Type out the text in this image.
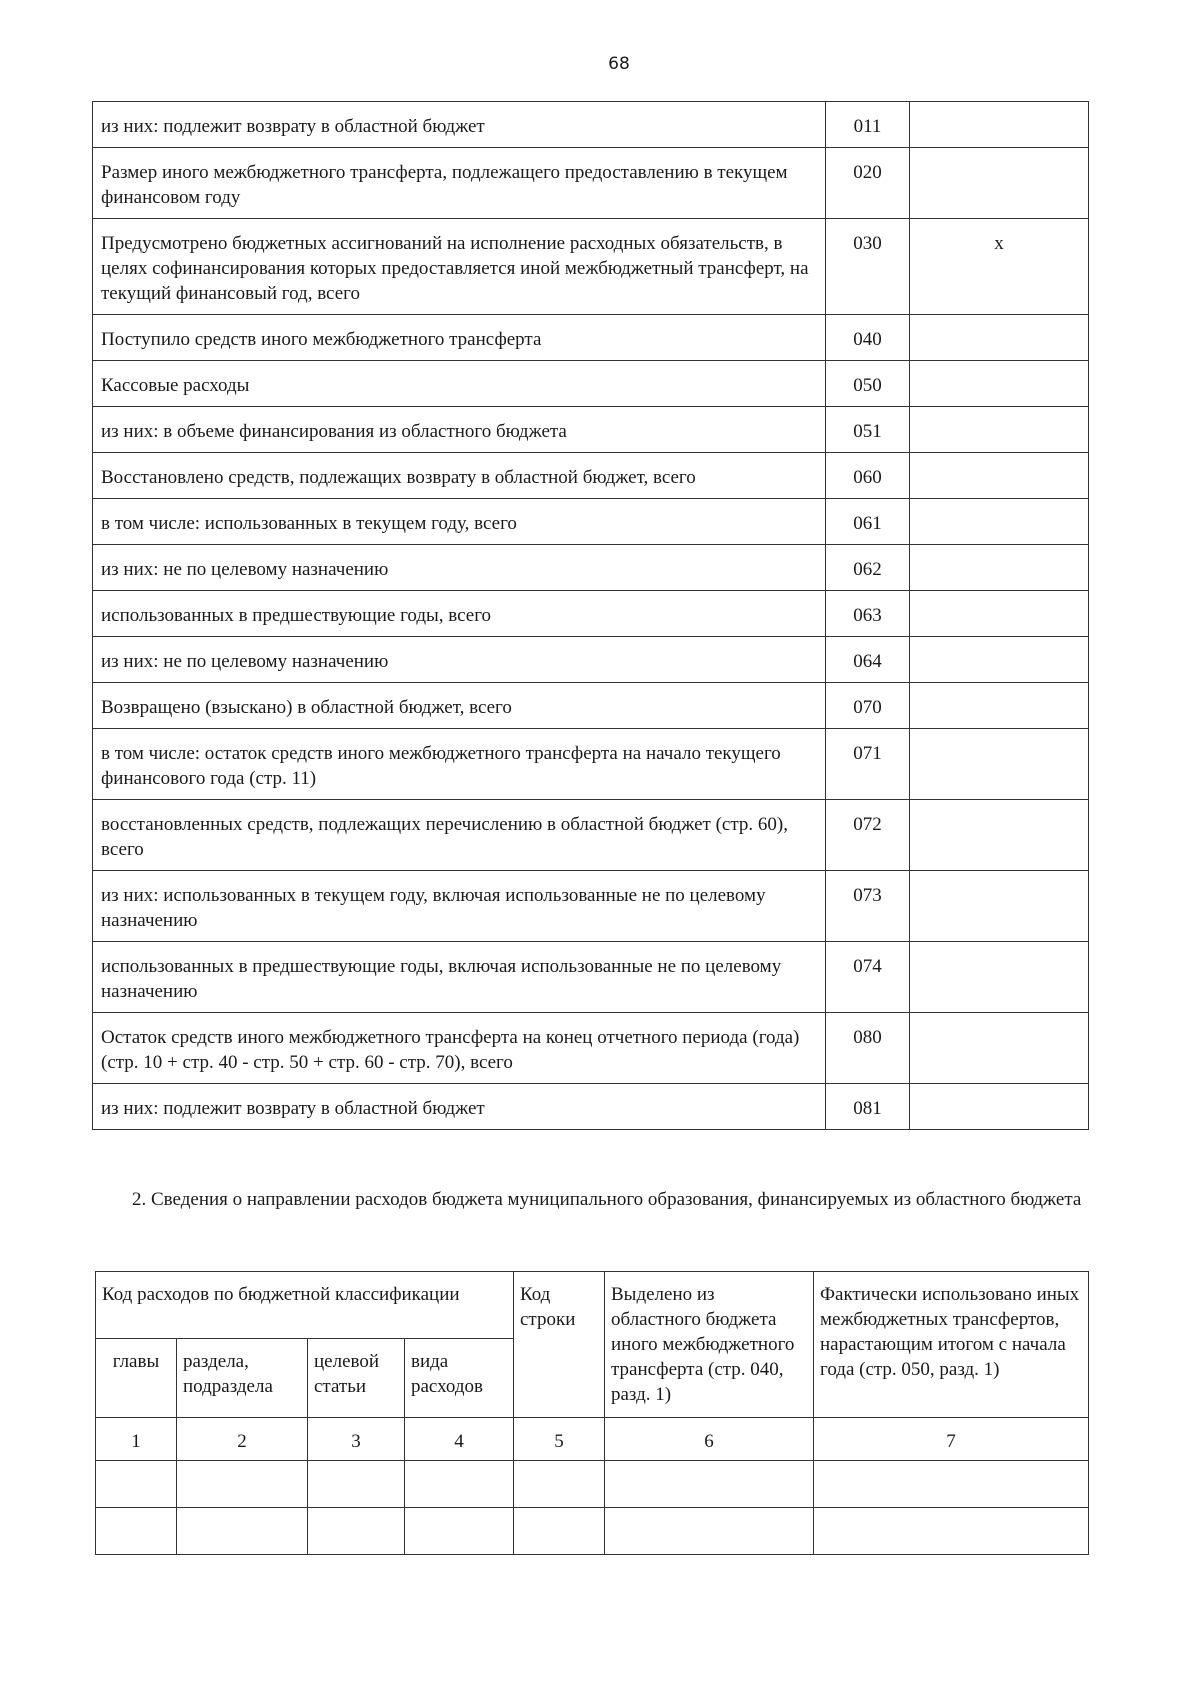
68
из них: подлежит возврату в областной бюджет	011	
Размер иного межбюджетного трансферта, подлежащего предоставлению в текущем финансовом году	020	
Предусмотрено бюджетных ассигнований на исполнение расходных обязательств, в целях софинансирования которых предоставляется иной межбюджетный трансферт, на текущий финансовый год, всего	030	x
Поступило средств иного межбюджетного трансферта	040	
Кассовые расходы	050	
из них: в объеме финансирования из областного бюджета	051	
Восстановлено средств, подлежащих возврату в областной бюджет, всего	060	
в том числе: использованных в текущем году, всего	061	
из них: не по целевому назначению	062	
использованных в предшествующие годы, всего	063	
из них: не по целевому назначению	064	
Возвращено (взыскано) в областной бюджет, всего	070	
в том числе: остаток средств иного межбюджетного трансферта на начало текущего финансового года (стр. 11)	071	
восстановленных средств, подлежащих перечислению в областной бюджет (стр. 60), всего	072	
из них: использованных в текущем году, включая использованные не по целевому назначению	073	
использованных в предшествующие годы, включая использованные не по целевому назначению	074	
Остаток средств иного межбюджетного трансферта на конец отчетного периода (года) (стр. 10 + стр. 40 - стр. 50 + стр. 60 - стр. 70), всего	080	
из них: подлежит возврату в областной бюджет	081	
2. Сведения о направлении расходов бюджета муниципального образования, финансируемых из областного бюджета
Код расходов по бюджетной классификации				Код строки	Выделено из областного бюджета иного межбюджетного трансферта (стр. 040, разд. 1)	Фактически использовано иных межбюджетных трансфертов, нарастающим итогом с начала года (стр. 050, разд. 1)
главы	раздела, подраздела	целевой статьи	вида расходов			
1	2	3	4	5	6	7
